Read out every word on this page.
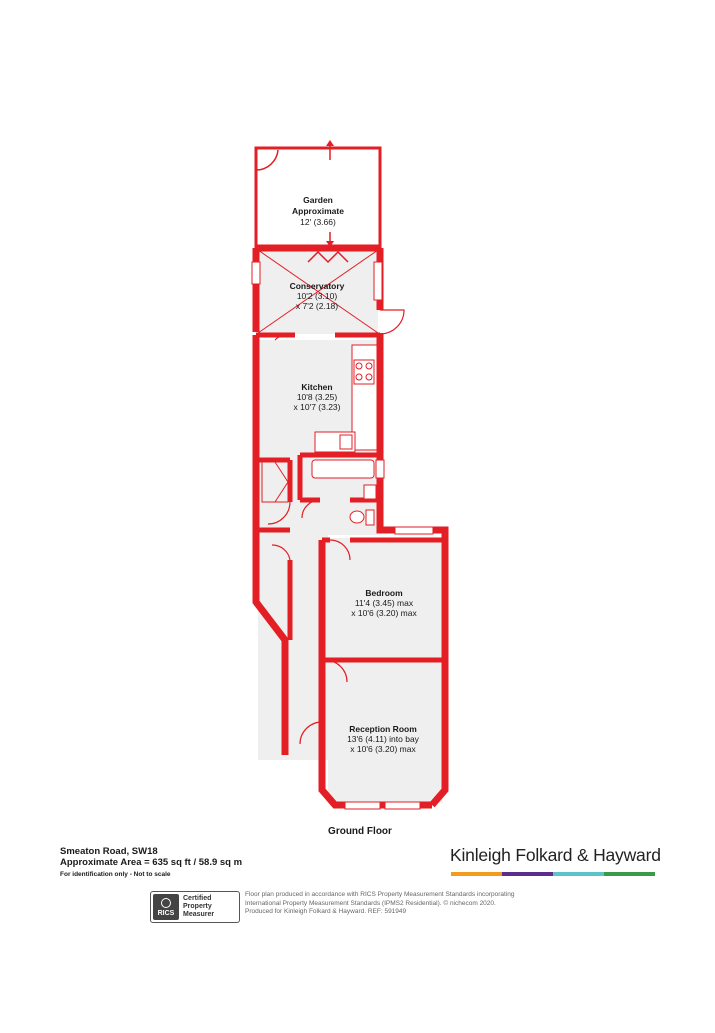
Garden
Approximate
12' (3.66)
Conservatory
10'2 (3.10)
x 7'2 (2.18)
Kitchen
10'8 (3.25)
x 10'7 (3.23)
Bedroom
11'4 (3.45) max
x 10'6 (3.20) max
Reception Room
13'6 (4.11) into bay
x 10'6 (3.20) max
Ground Floor
Smeaton Road, SW18
Approximate Area = 635 sq ft / 58.9 sq m
For identification only - Not to scale
Kinleigh Folkard & Hayward
RICS
Certified
Property
Measurer
Floor plan produced in accordance with RICS Property Measurement Standards incorporating
International Property Measurement Standards (IPMS2 Residential). © nichecom 2020.
Produced for Kinleigh Folkard & Hayward. REF: 591949
